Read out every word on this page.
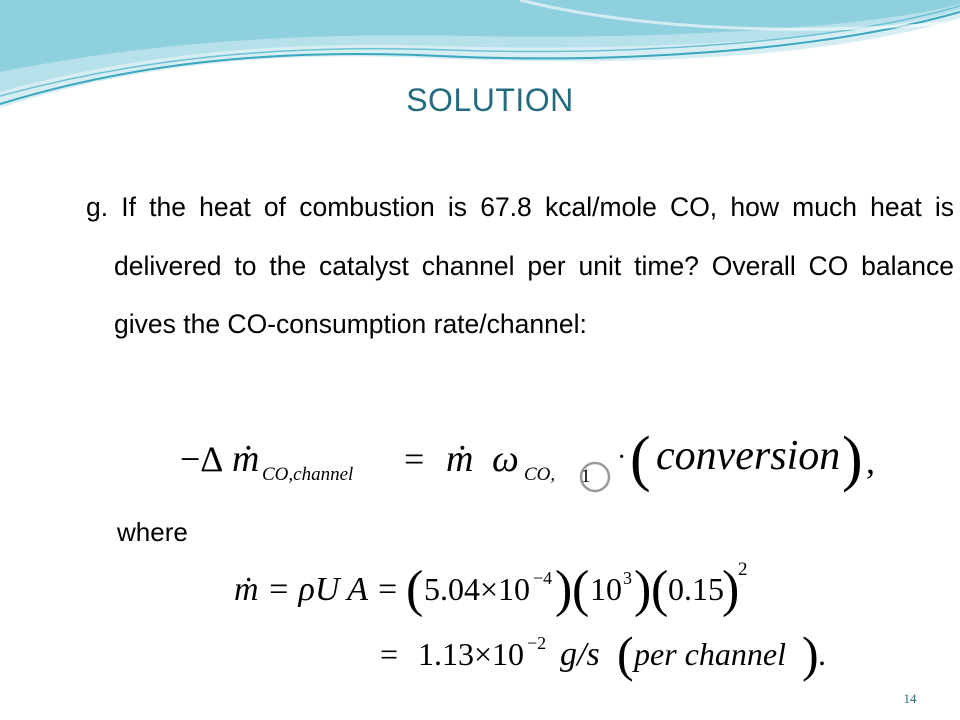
SOLUTION
g. If the heat of combustion is 67.8 kcal/mole CO, how much heat is delivered to the catalyst channel per unit time? Overall CO balance gives the CO-consumption rate/channel:
−Δ ṁ CO,channel = ṁ ω CO, 1
· ( conversion ) ,
ṁ = ρU A = ( 5.04×10 −4 ) ( 10 3 ) ( 0.15
)
2
= 1.13×10 −2 g/s ( per channel ) .
where
14
